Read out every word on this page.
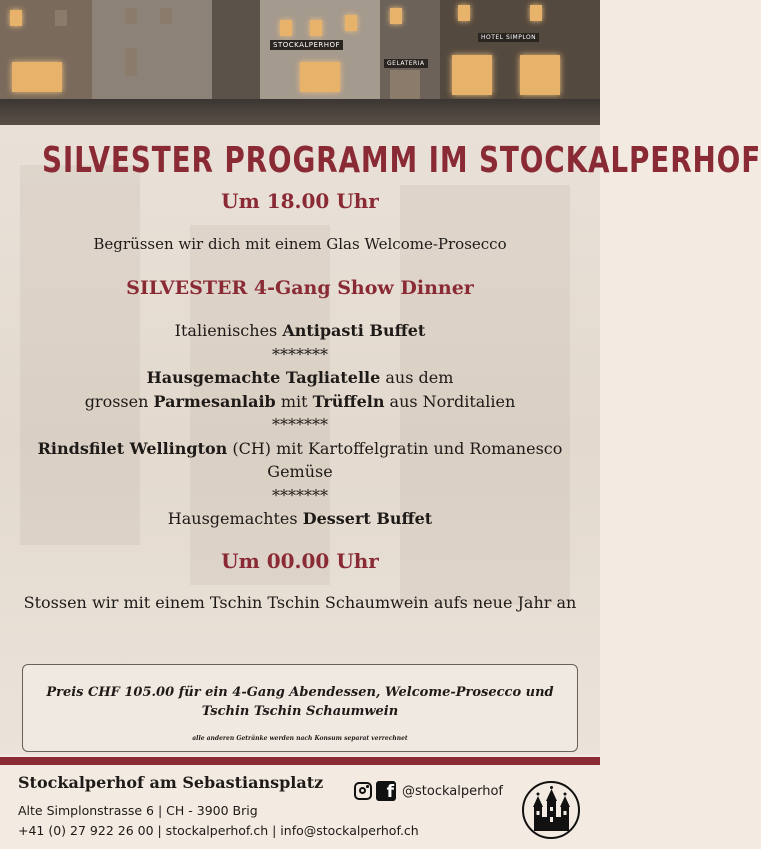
STOCKALPERHOF
HOTEL SIMPLON
GELATERIA
SILVESTER PROGRAMM IM STOCKALPERHOF
Um 18.00 Uhr
Begrüssen wir dich mit einem Glas Welcome-Prosecco
SILVESTER 4-Gang Show Dinner
Italienisches Antipasti Buffet
*******
Hausgemachte Tagliatelle aus dem
grossen Parmesanlaib mit Trüffeln aus Norditalien
*******
Rindsfilet Wellington (CH) mit Kartoffelgratin und Romanesco
Gemüse
*******
Hausgemachtes Dessert Buffet
Um 00.00 Uhr
Stossen wir mit einem Tschin Tschin Schaumwein aufs neue Jahr an
Preis CHF 105.00 für ein 4-Gang Abendessen, Welcome-Prosecco und
Tschin Tschin Schaumwein
alle anderen Getränke werden nach Konsum separat verrechnet
Stockalperhof am Sebastiansplatz
Alte Simplonstrasse 6 | CH - 3900 Brig
+41 (0) 27 922 26 00 | stockalperhof.ch | info@stockalperhof.ch
f @stockalperhof
